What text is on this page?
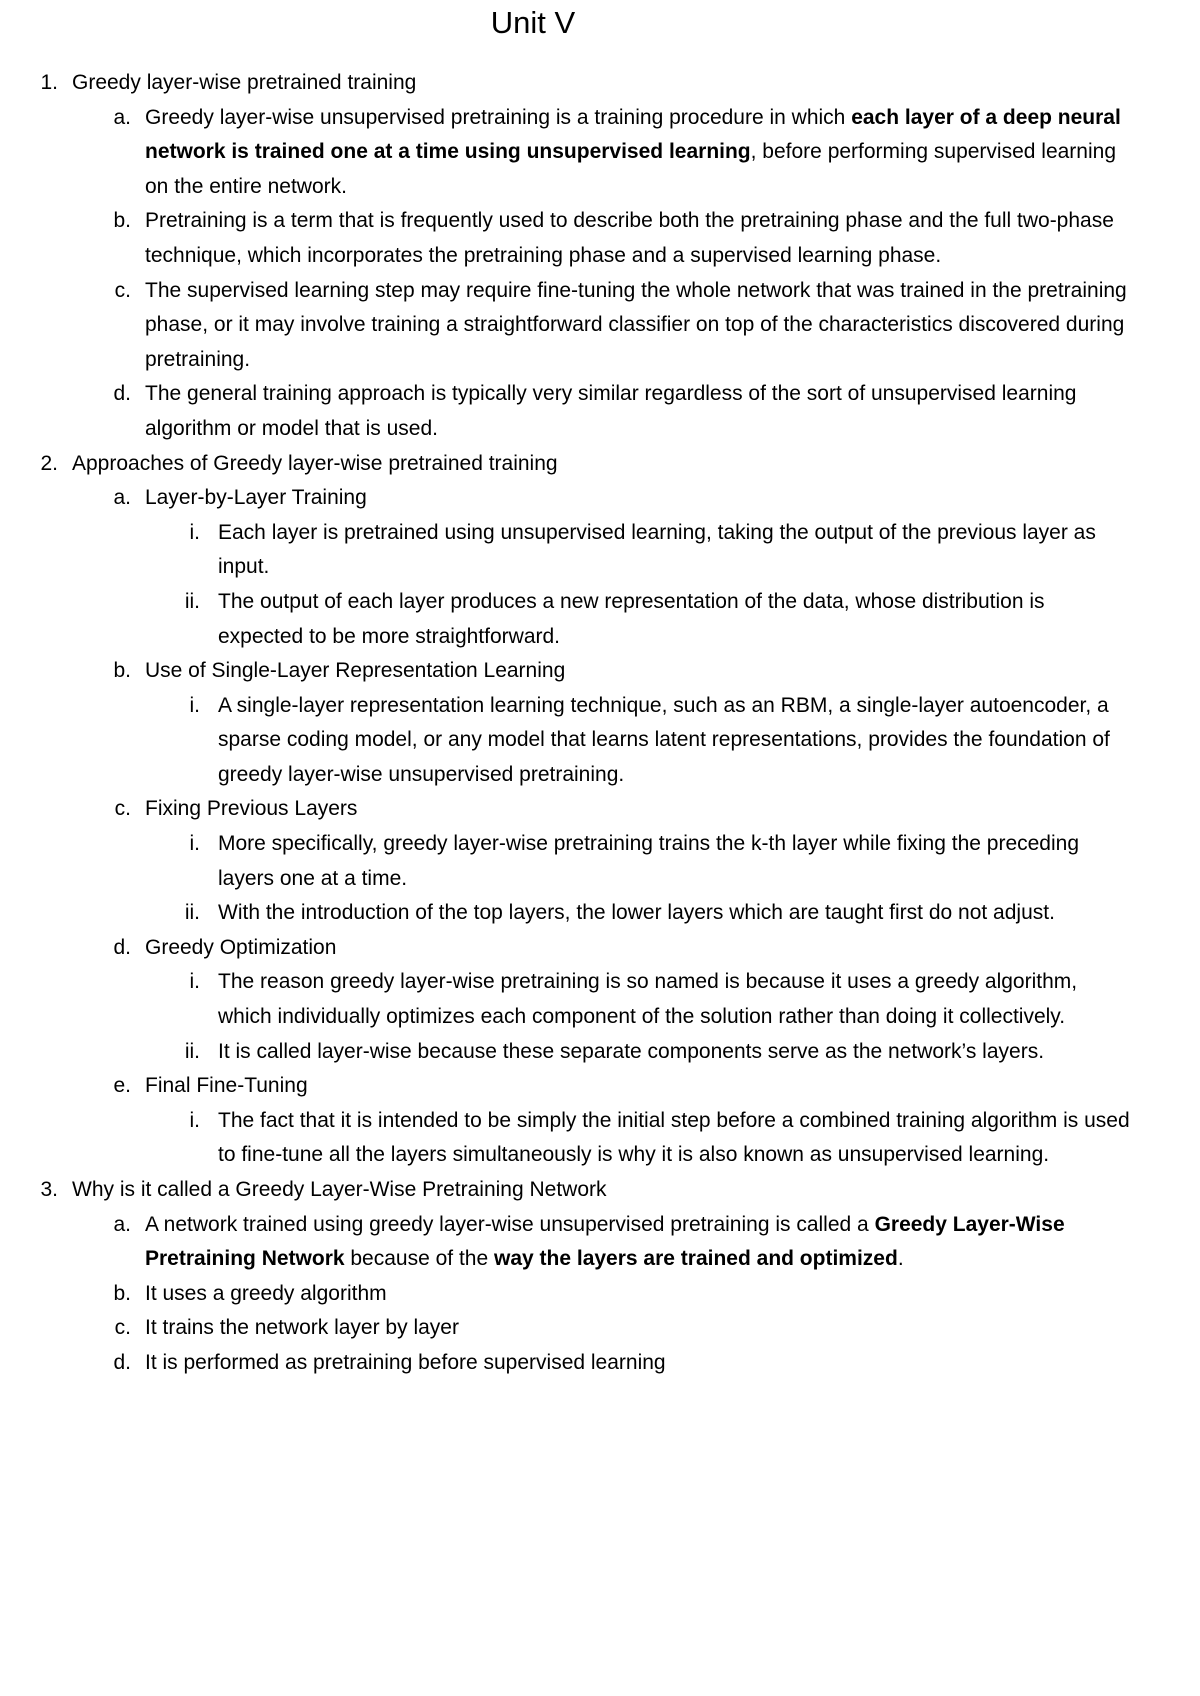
Unit V
1. Greedy layer-wise pretrained training
a. Greedy layer-wise unsupervised pretraining is a training procedure in which each layer of a deep neural network is trained one at a time using unsupervised learning, before performing supervised learning on the entire network.
b. Pretraining is a term that is frequently used to describe both the pretraining phase and the full two-phase technique, which incorporates the pretraining phase and a supervised learning phase.
c. The supervised learning step may require fine-tuning the whole network that was trained in the pretraining phase, or it may involve training a straightforward classifier on top of the characteristics discovered during pretraining.
d. The general training approach is typically very similar regardless of the sort of unsupervised learning algorithm or model that is used.
2. Approaches of Greedy layer-wise pretrained training
a. Layer-by-Layer Training
i. Each layer is pretrained using unsupervised learning, taking the output of the previous layer as input.
ii. The output of each layer produces a new representation of the data, whose distribution is expected to be more straightforward.
b. Use of Single-Layer Representation Learning
i. A single-layer representation learning technique, such as an RBM, a single-layer autoencoder, a sparse coding model, or any model that learns latent representations, provides the foundation of greedy layer-wise unsupervised pretraining.
c. Fixing Previous Layers
i. More specifically, greedy layer-wise pretraining trains the k-th layer while fixing the preceding layers one at a time.
ii. With the introduction of the top layers, the lower layers which are taught first do not adjust.
d. Greedy Optimization
i. The reason greedy layer-wise pretraining is so named is because it uses a greedy algorithm, which individually optimizes each component of the solution rather than doing it collectively.
ii. It is called layer-wise because these separate components serve as the network’s layers.
e. Final Fine-Tuning
i. The fact that it is intended to be simply the initial step before a combined training algorithm is used to fine-tune all the layers simultaneously is why it is also known as unsupervised learning.
3. Why is it called a Greedy Layer-Wise Pretraining Network
a. A network trained using greedy layer-wise unsupervised pretraining is called a Greedy Layer-Wise Pretraining Network because of the way the layers are trained and optimized.
b. It uses a greedy algorithm
c. It trains the network layer by layer
d. It is performed as pretraining before supervised learning
